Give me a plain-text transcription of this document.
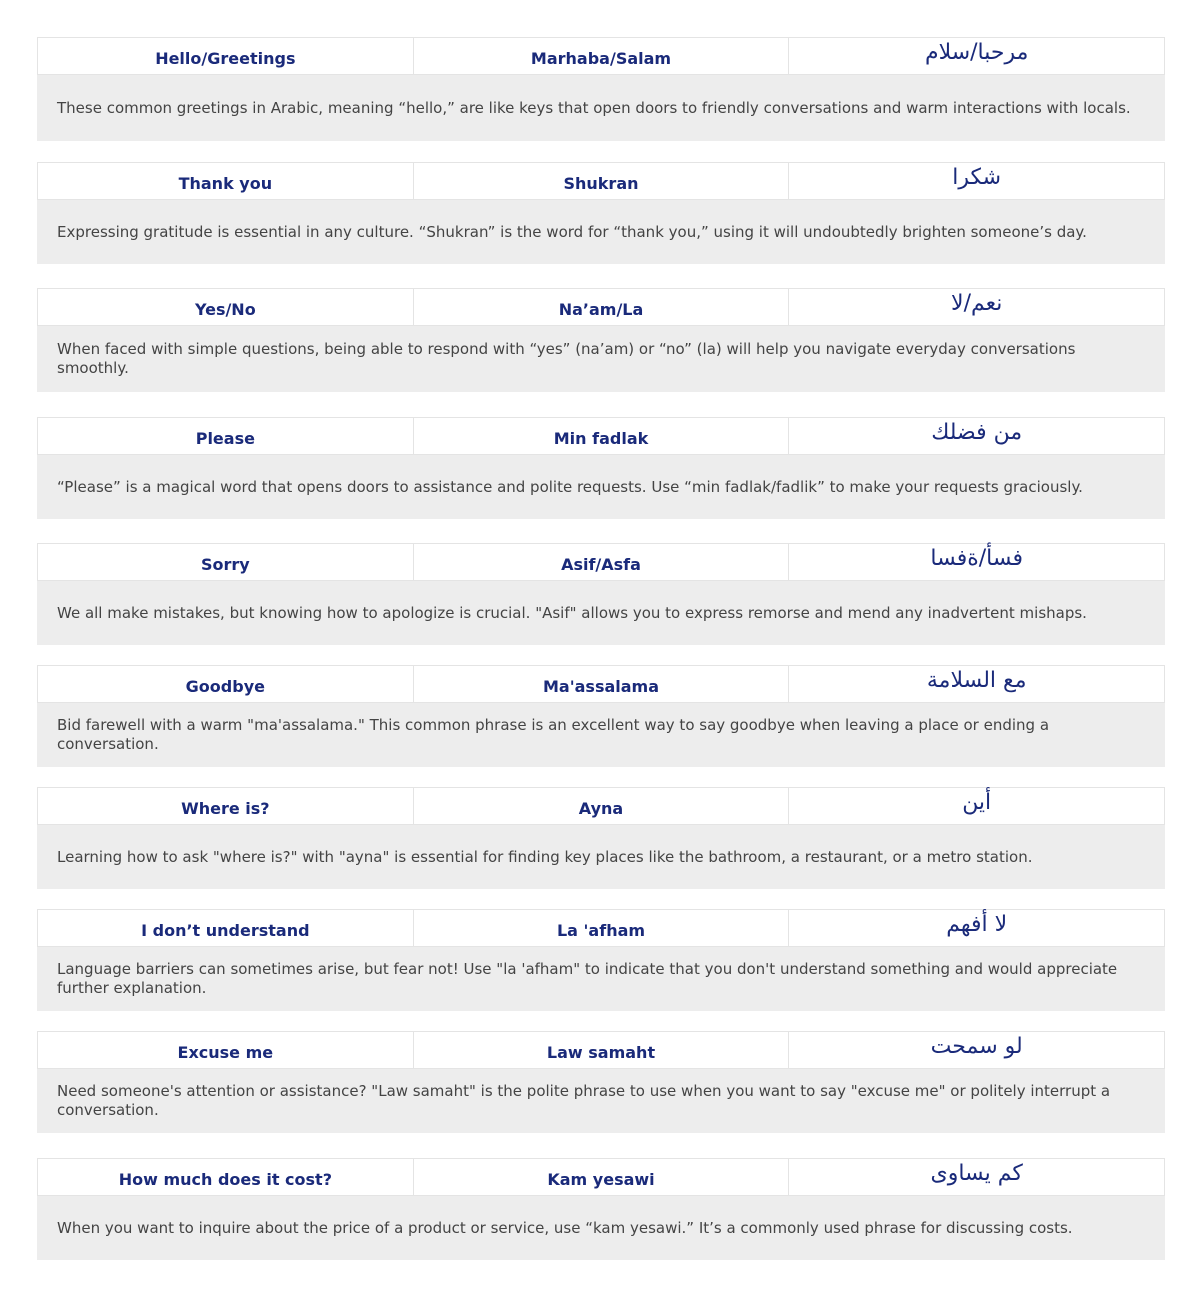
Hello/Greetings	Marhaba/Salam	مرحبا/سلام
These common greetings in Arabic, meaning “hello,” are like keys that open doors to friendly conversations and warm interactions with locals.
Thank you	Shukran	شكرا
Expressing gratitude is essential in any culture. “Shukran” is the word for “thank you,” using it will undoubtedly brighten someone’s day.
Yes/No	Na’am/La	نعم/لا
When faced with simple questions, being able to respond with “yes” (na’am) or “no” (la) will help you navigate everyday conversations smoothly.
Please	Min fadlak	من فضلك
“Please” is a magical word that opens doors to assistance and polite requests. Use “min fadlak/fadlik” to make your requests graciously.
Sorry	Asif/Asfa	ف‍س‍أ/ةف‍س‍ا
We all make mistakes, but knowing how to apologize is crucial. "Asif" allows you to express remorse and mend any inadvertent mishaps.
Goodbye	Ma'assalama	مع السلامة
Bid farewell with a warm "ma'assalama." This common phrase is an excellent way to say goodbye when leaving a place or ending a conversation.
Where is?	Ayna	أين
Learning how to ask "where is?" with "ayna" is essential for finding key places like the bathroom, a restaurant, or a metro station.
I don’t understand	La 'afham	لا أفهم
Language barriers can sometimes arise, but fear not! Use "la 'afham" to indicate that you don't understand something and would appreciate further explanation.
Excuse me	Law samaht	لو سمحت
Need someone's attention or assistance? "Law samaht" is the polite phrase to use when you want to say "excuse me" or politely interrupt a conversation.
How much does it cost?	Kam yesawi	كم يساوى
When you want to inquire about the price of a product or service, use “kam yesawi.” It’s a commonly used phrase for discussing costs.
